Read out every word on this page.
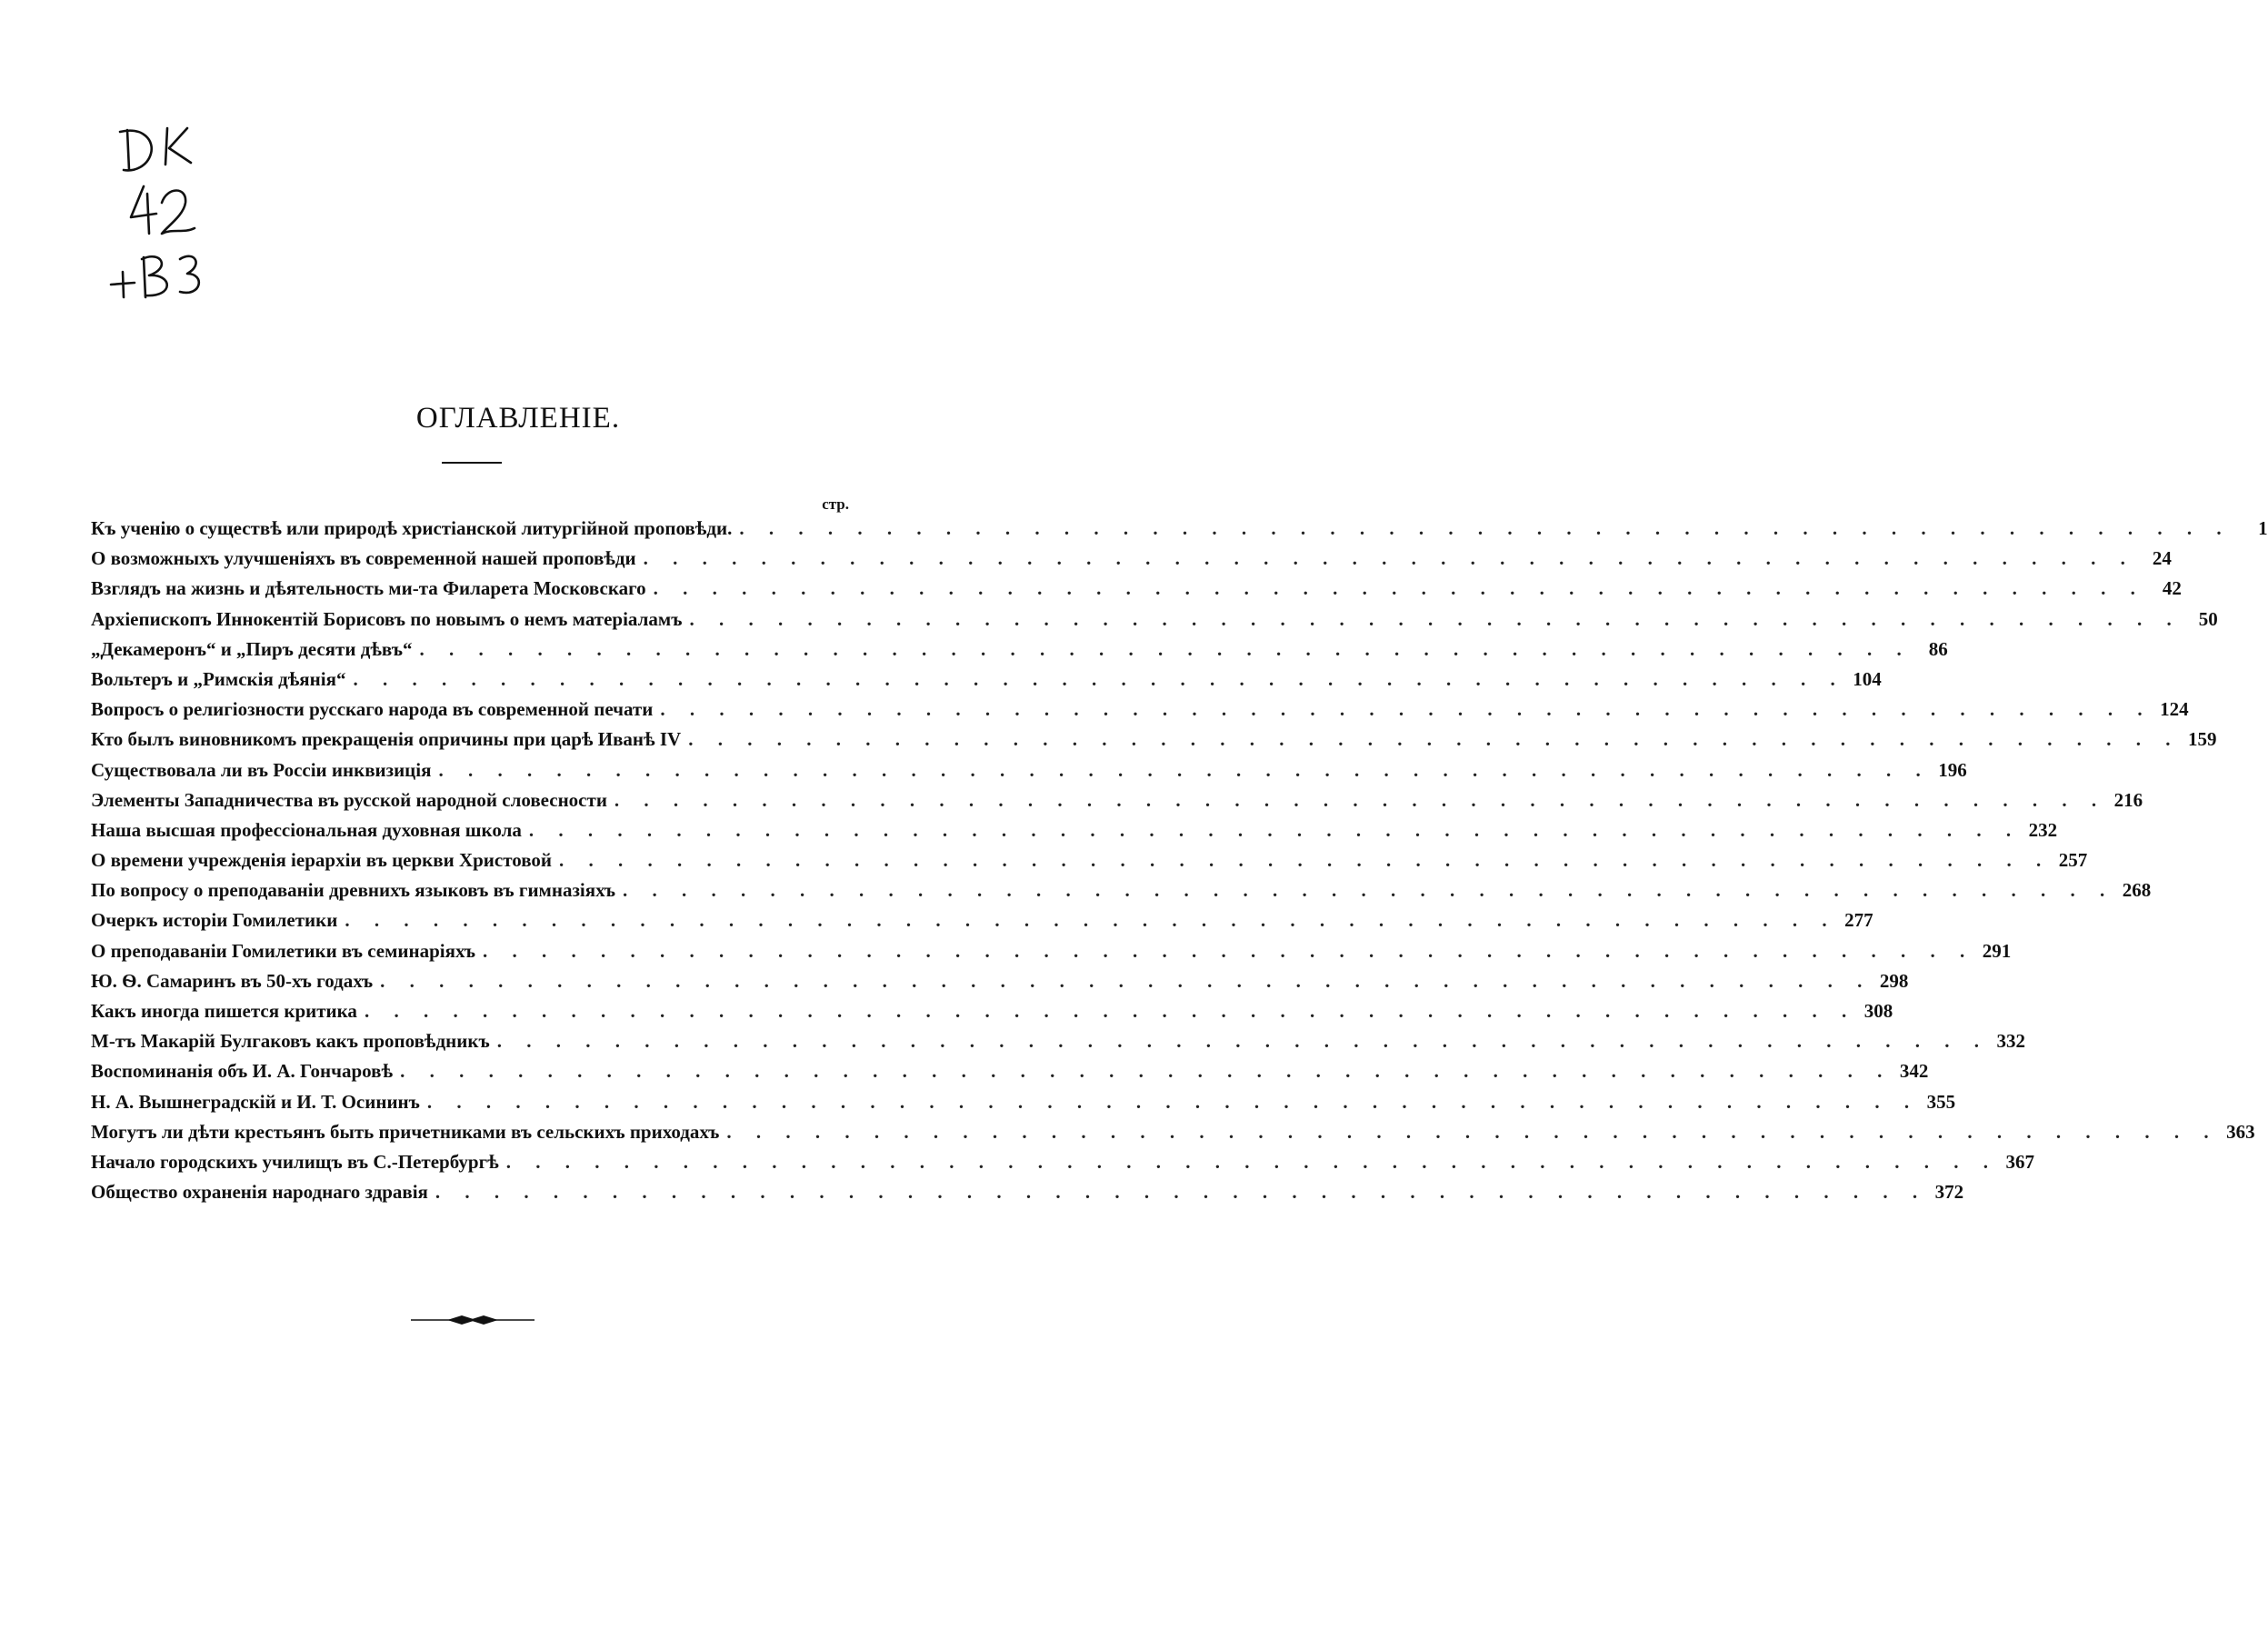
ОГЛАВЛЕНІЕ.
стр.
Къ ученію о существѣ или природѣ христіанской литургійной проповѣди. . . .	1
О возможныхъ улучшеніяхъ въ современной нашей проповѣди . . .	24
Взглядъ на жизнь и дѣятельность ми-та Филарета Московскаго . . .	42
Архіепископъ Иннокентій Борисовъ по новымъ о немъ матеріаламъ . . .	50
„Декамеронъ“ и „Пиръ десяти дѣвъ“ . . .	86
Вольтеръ и „Римскія дѣянія“ . . .	104
Вопросъ о религіозности русскаго народа въ современной печати . . .	124
Кто былъ виновникомъ прекращенія опричины при царѣ Иванѣ IV . . .	159
Существовала ли въ Россіи инквизиція . . .	196
Элементы Западничества въ русской народной словесности . . .	216
Наша высшая профессіональная духовная школа . . .	232
О времени учрежденія іерархіи въ церкви Христовой . . .	257
По вопросу о преподаваніи древнихъ языковъ въ гимназіяхъ . . .	268
Очеркъ исторіи Гомилетики . . .	277
О преподаваніи Гомилетики въ семинаріяхъ . . .	291
Ю. Ѳ. Самаринъ въ 50-хъ годахъ . . .	298
Какъ иногда пишется критика . . .	308
М-тъ Макарій Булгаковъ какъ проповѣдникъ . . .	332
Воспоминанія объ И. А. Гончаровѣ . . .	342
Н. А. Вышнеградскій и И. Т. Осининъ . . .	355
Могутъ ли дѣти крестьянъ быть причетниками въ сельскихъ приходахъ . . .	363
Начало городскихъ училищъ въ С.-Петербургѣ . . .	367
Общество охраненія народнаго здравія . . .	372
